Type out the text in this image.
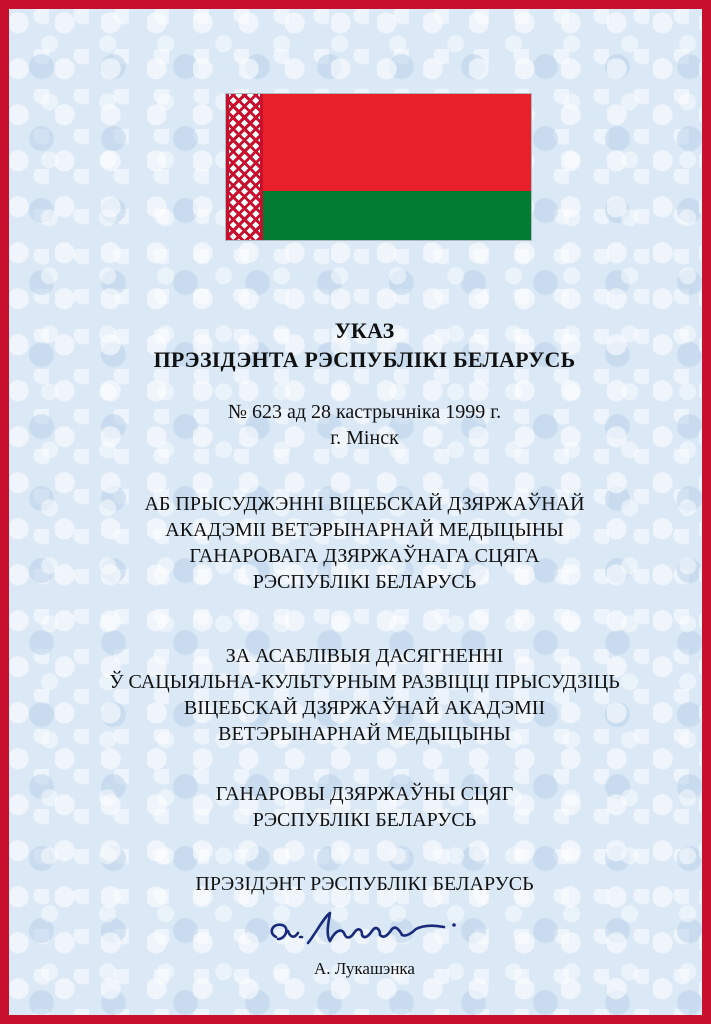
УКАЗ
ПРЭЗІДЭНТА РЭСПУБЛІКІ БЕЛАРУСЬ
№ 623 ад 28 кастрычніка 1999 г.
г. Мінск
АБ ПРЫСУДЖЭННІ ВІЦЕБСКАЙ ДЗЯРЖАЎНАЙ
АКАДЭМІІ ВЕТЭРЫНАРНАЙ МЕДЫЦЫНЫ
ГАНАРОВАГА ДЗЯРЖАЎНАГА СЦЯГА
РЭСПУБЛІКІ БЕЛАРУСЬ
ЗА АСАБЛІВЫЯ ДАСЯГНЕННІ
Ў САЦЫЯЛЬНА-КУЛЬТУРНЫМ РАЗВІЦЦІ ПРЫСУДЗІЦЬ
ВІЦЕБСКАЙ ДЗЯРЖАЎНАЙ АКАДЭМІІ
ВЕТЭРЫНАРНАЙ МЕДЫЦЫНЫ
ГАНАРОВЫ ДЗЯРЖАЎНЫ СЦЯГ
РЭСПУБЛІКІ БЕЛАРУСЬ
ПРЭЗІДЭНТ РЭСПУБЛІКІ БЕЛАРУСЬ
А. Лукашэнка
